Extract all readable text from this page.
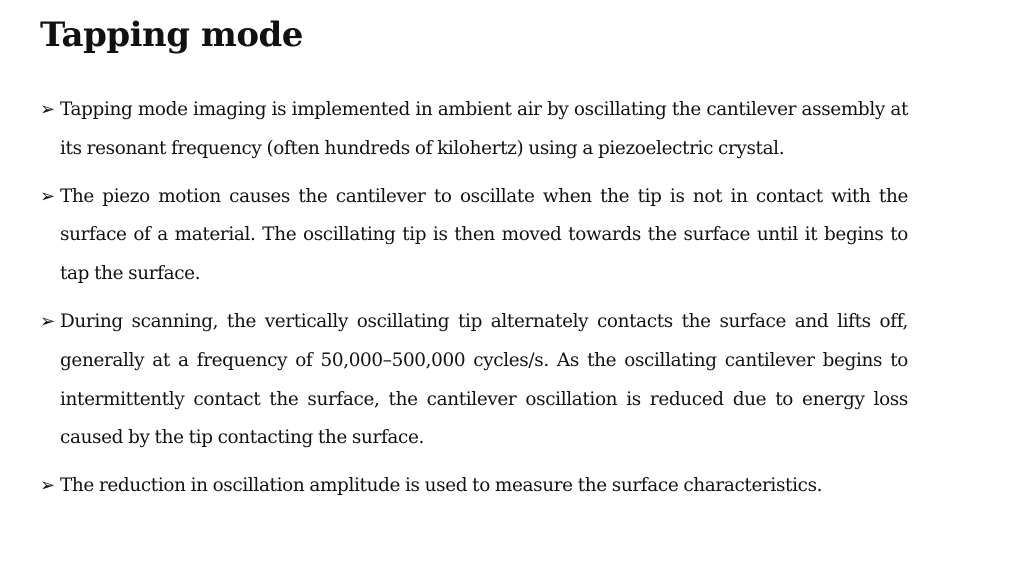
Tapping mode
➢ Tapping mode imaging is implemented in ambient air by oscillating the cantilever assembly at its resonant frequency (often hundreds of kilohertz) using a piezoelectric crystal.
➢ The piezo motion causes the cantilever to oscillate when the tip is not in contact with the surface of a material. The oscillating tip is then moved towards the surface until it begins to tap the surface.
➢ During scanning, the vertically oscillating tip alternately contacts the surface and lifts off, generally at a frequency of 50,000–500,000 cycles/s. As the oscillating cantilever begins to intermittently contact the surface, the cantilever oscillation is reduced due to energy loss caused by the tip contacting the surface.
➢ The reduction in oscillation amplitude is used to measure the surface characteristics.
